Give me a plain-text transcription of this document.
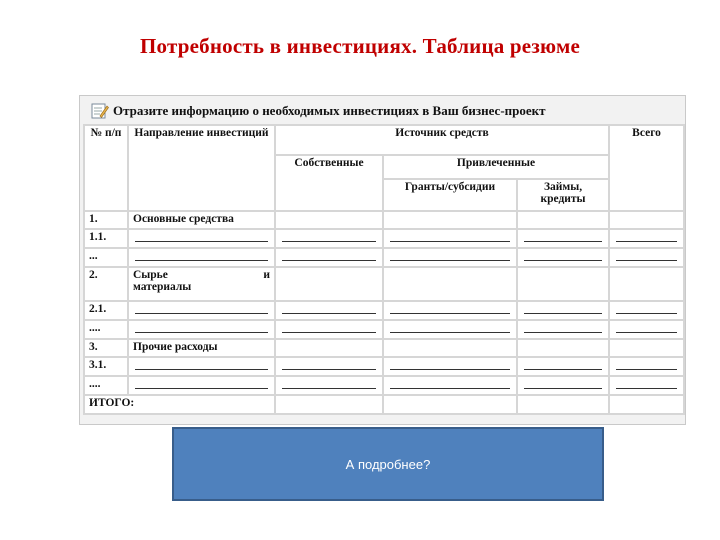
Потребность в инвестициях. Таблица резюме
Отразите информацию о необходимых инвестициях в Ваш бизнес-проект
№ п/п	Направление инвестиций	Источник средств			Всего
		Собственные	Привлеченные		
			Гранты/субсидии	Займы, кредиты	
1.	Основные средства				
1.1.	

...	

2.	Сырье и
материалы				

2.1.	

....	

3.	Прочие расходы				
3.1.	

....	

ИТОГО:					
А подробнее?
